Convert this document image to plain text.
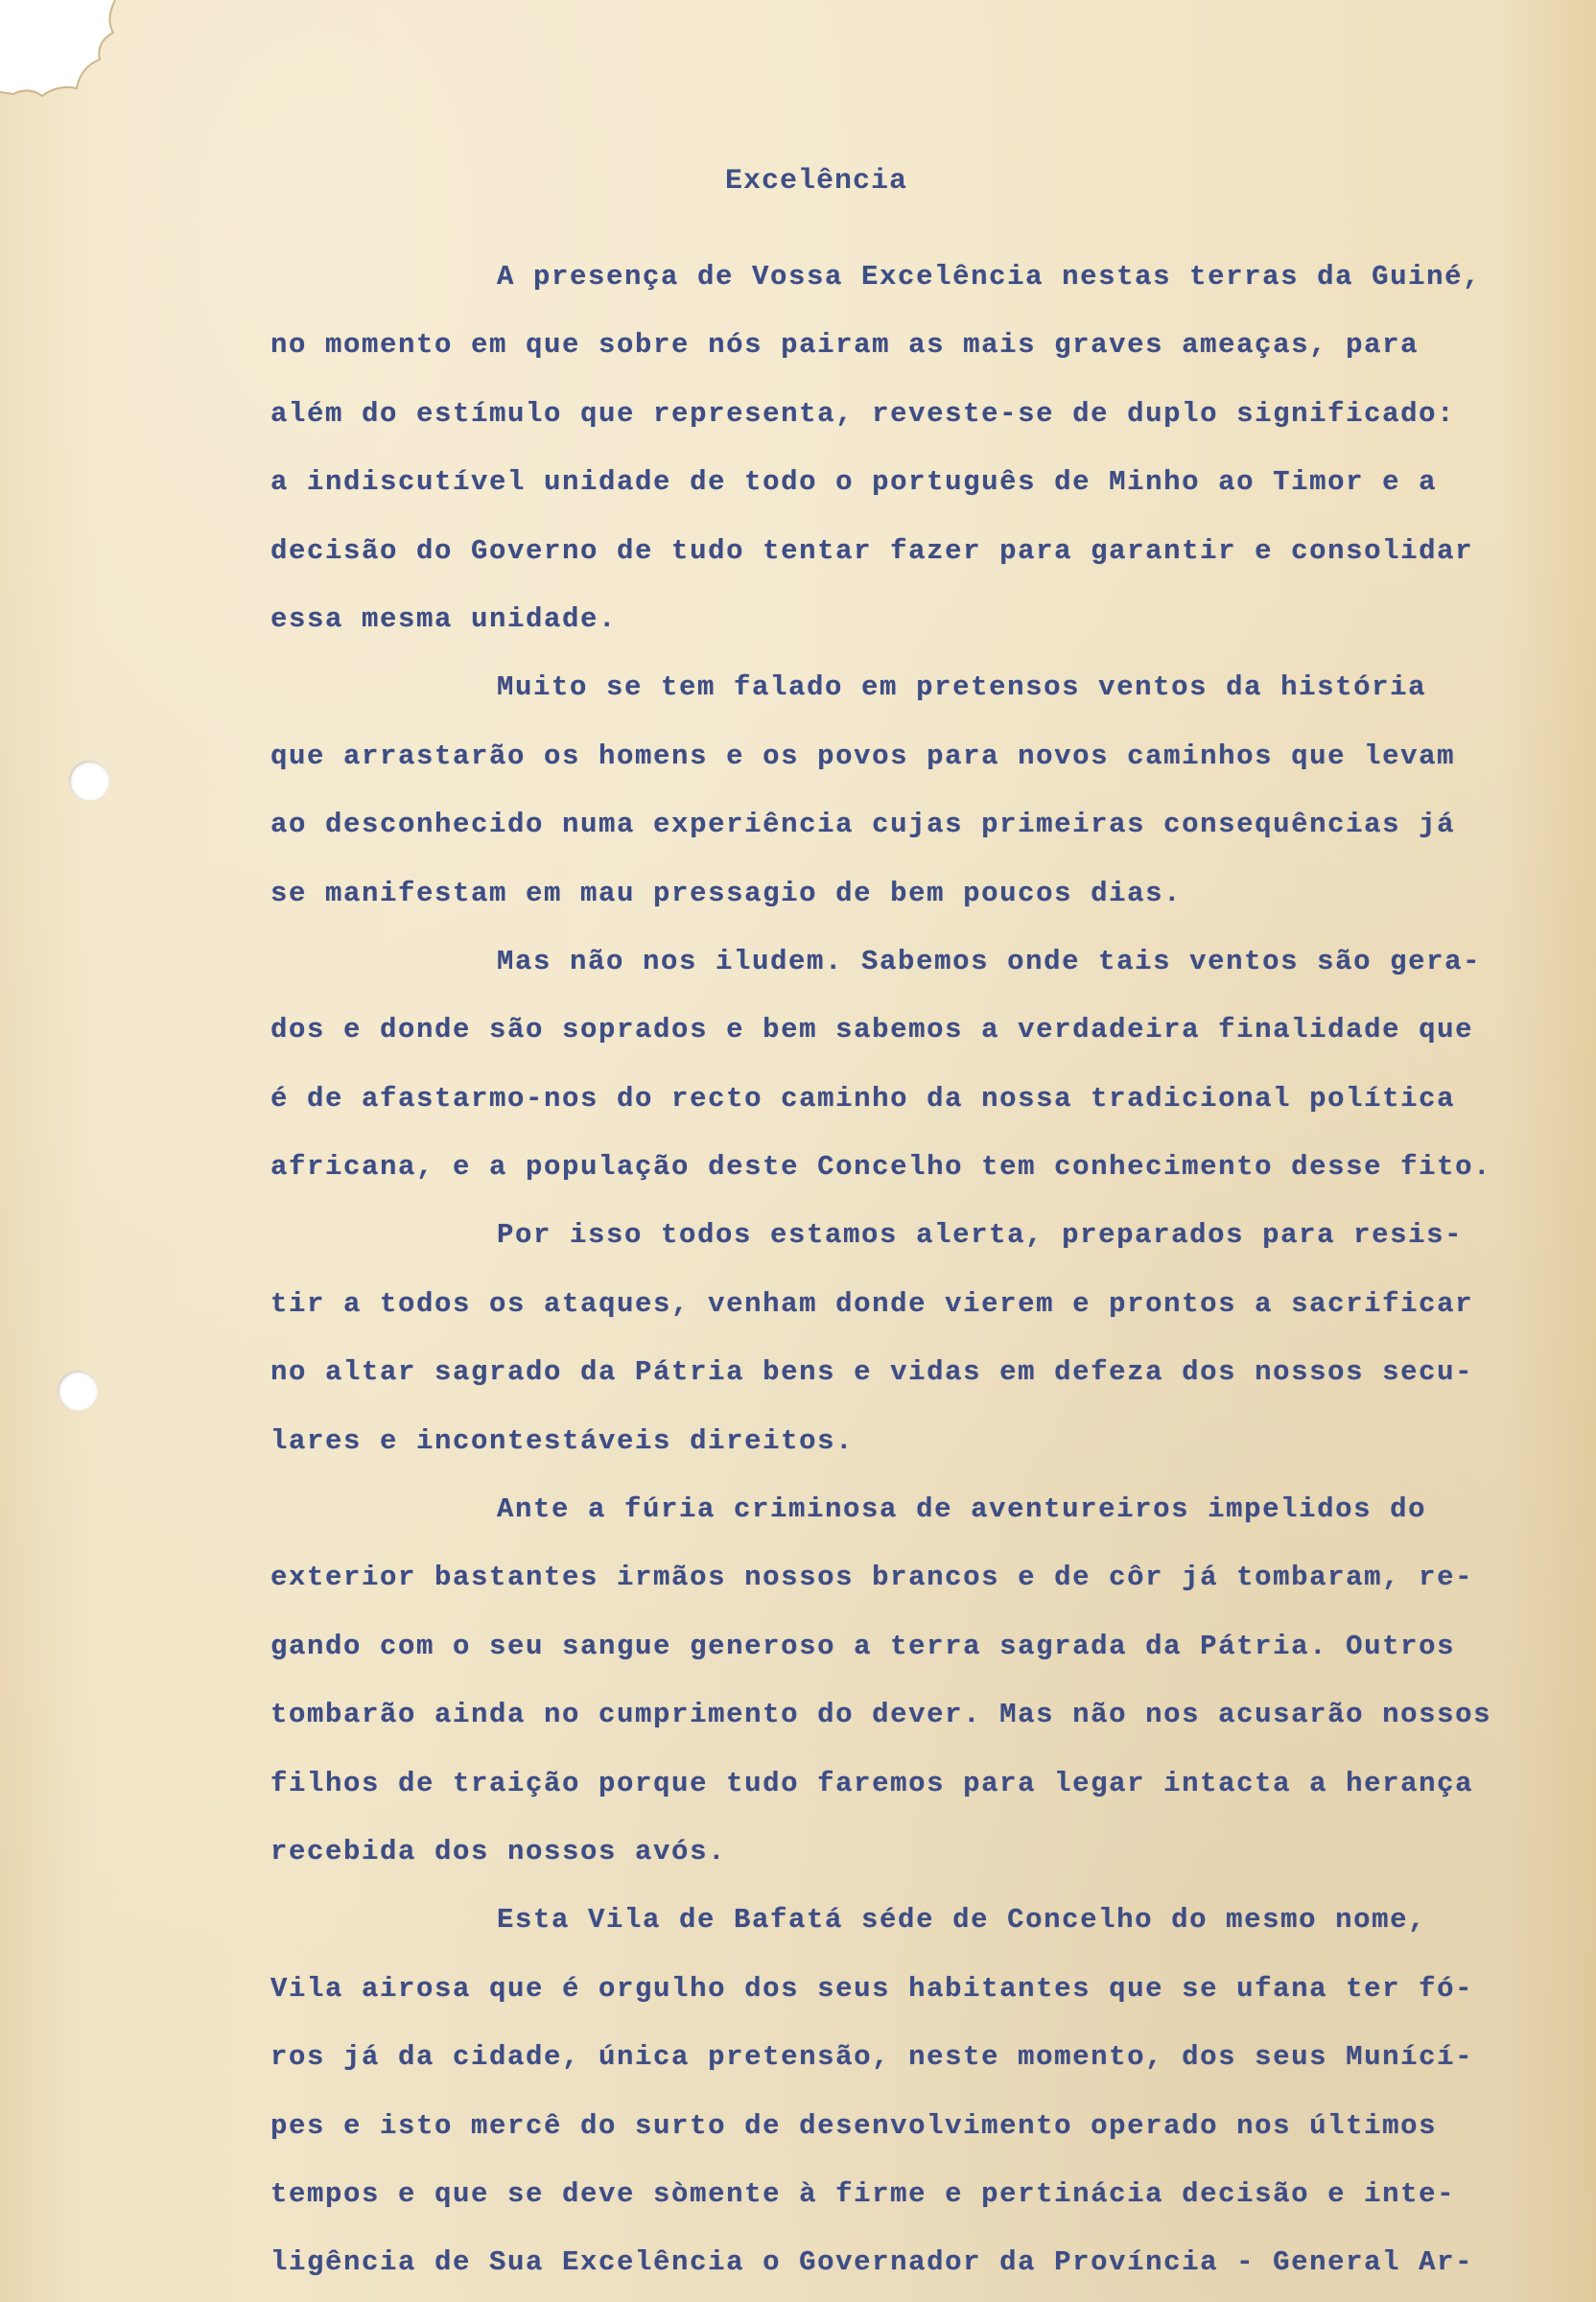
Excelência
A presença de Vossa Excelência nestas terras da Guiné,
no momento em que sobre nós pairam as mais graves ameaças, para
além do estímulo que representa, reveste-se de duplo significado:
a indiscutível unidade de todo o português de Minho ao Timor e a
decisão do Governo de tudo tentar fazer para garantir e consolidar
essa mesma unidade.
Muito se tem falado em pretensos ventos da história
que arrastarão os homens e os povos para novos caminhos que levam
ao desconhecido numa experiência cujas primeiras consequências já
se manifestam em mau pressagio de bem poucos dias.
Mas não nos iludem. Sabemos onde tais ventos são gera-
dos e donde são soprados e bem sabemos a verdadeira finalidade que
é de afastarmo-nos do recto caminho da nossa tradicional política
africana, e a população deste Concelho tem conhecimento desse fito.
Por isso todos estamos alerta, preparados para resis-
tir a todos os ataques, venham donde vierem e prontos a sacrificar
no altar sagrado da Pátria bens e vidas em defeza dos nossos secu-
lares e incontestáveis direitos.
Ante a fúria criminosa de aventureiros impelidos do
exterior bastantes irmãos nossos brancos e de côr já tombaram, re-
gando com o seu sangue generoso a terra sagrada da Pátria. Outros
tombarão ainda no cumprimento do dever. Mas não nos acusarão nossos
filhos de traição porque tudo faremos para legar intacta a herança
recebida dos nossos avós.
Esta Vila de Bafatá séde de Concelho do mesmo nome,
Vila airosa que é orgulho dos seus habitantes que se ufana ter fó-
ros já da cidade, única pretensão, neste momento, dos seus Munící-
pes e isto mercê do surto de desenvolvimento operado nos últimos
tempos e que se deve sòmente à firme e pertinácia decisão e inte-
ligência de Sua Excelência o Governador da Província - General Ar-
